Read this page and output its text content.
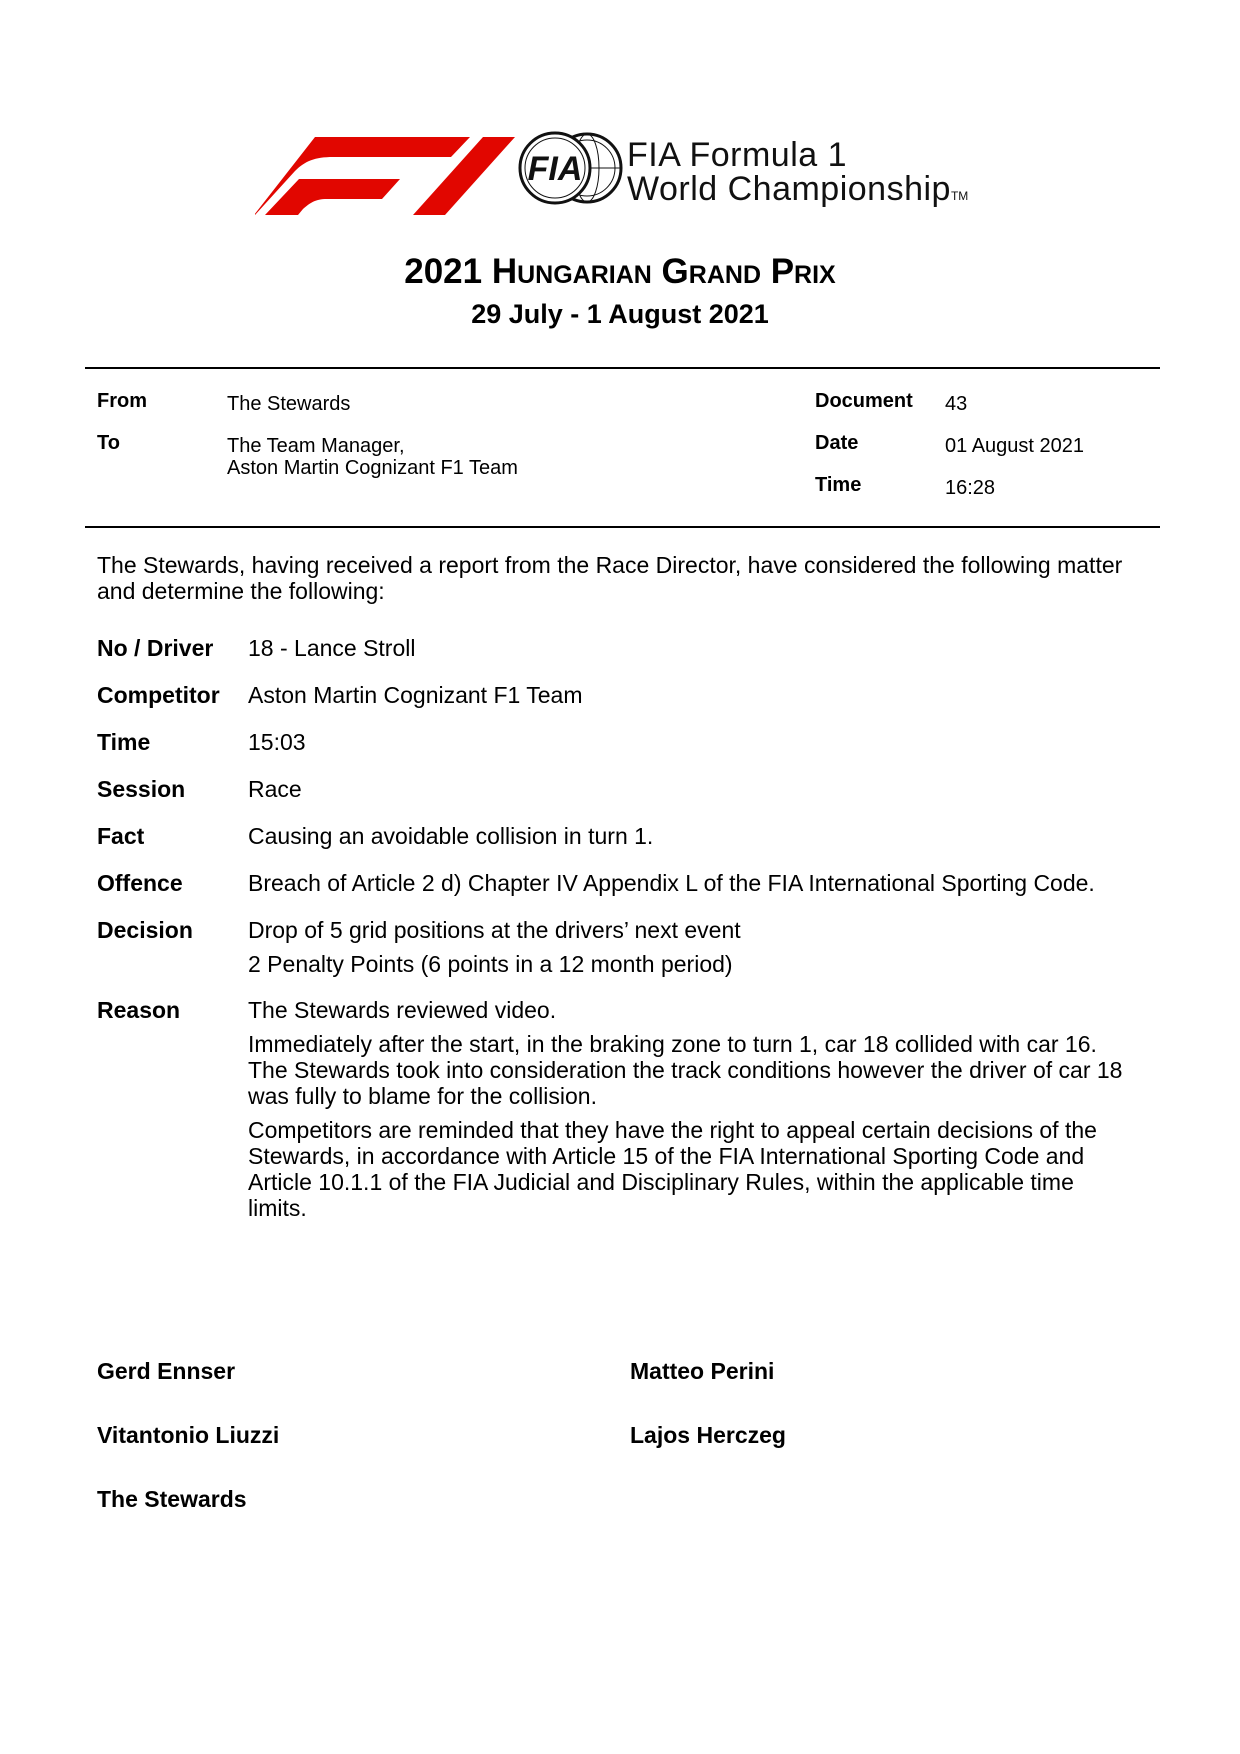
FIA FIA Formula 1
World ChampionshipTM
2021 Hungarian Grand Prix
29 July - 1 August 2021
From	The Stewards
To	The Team Manager,
Aston Martin Cognizant F1 Team
Document 43
Date	01 August 2021
Time	16:28
The Stewards, having received a report from the Race Director, have considered the following matter and determine the following:
No / Driver 18 - Lance Stroll
Competitor Aston Martin Cognizant F1 Team
Time	15:03
Session	Race
Fact	Causing an avoidable collision in turn 1.
Offence	Breach of Article 2 d) Chapter IV Appendix L of the FIA International Sporting Code.
Decision Drop of 5 grid positions at the drivers’ next event
2 Penalty Points (6 points in a 12 month period)
Reason	The Stewards reviewed video.

Immediately after the start, in the braking zone to turn 1, car 18 collided with car 16. The Stewards took into consideration the track conditions however the driver of car 18 was fully to blame for the collision.

Competitors are reminded that they have the right to appeal certain decisions of the Stewards, in accordance with Article 15 of the FIA International Sporting Code and Article 10.1.1 of the FIA Judicial and Disciplinary Rules, within the applicable time limits.

Gerd Ennser	Matteo Perini
Vitantonio Liuzzi	Lajos Herczeg
The Stewards
